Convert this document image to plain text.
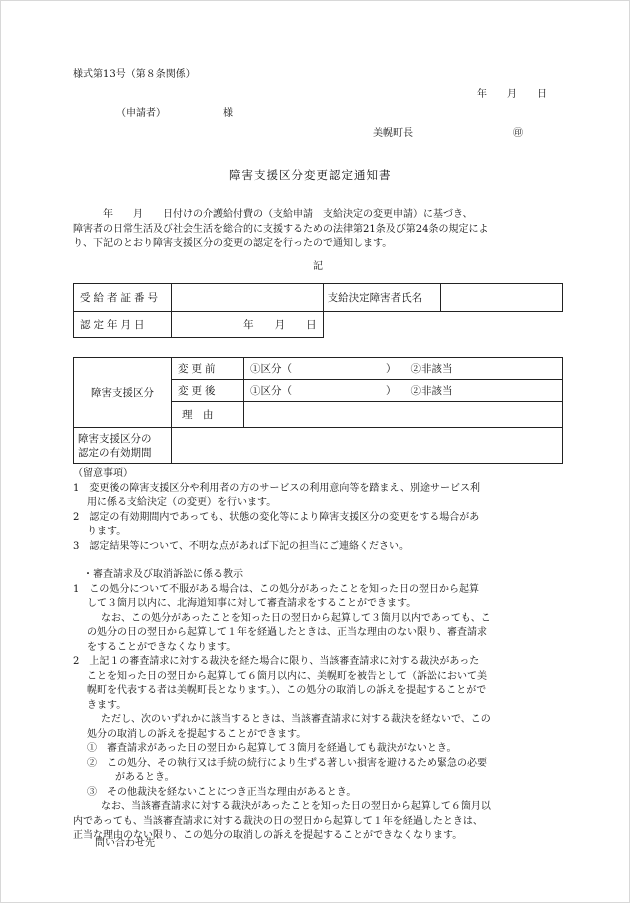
様式第13号（第８条関係）
年　　月　　日
（申請者）	様
美幌町長	㊞
障害支援区分変更認定通知書

　　　年　　月　　日付けの介護給付費の（支給申請　支給決定の変更申請）に基づき、

障害者の日常生活及び社会生活を総合的に支援するための法律第21条及び第24条の規定によ

り、下記のとおり障害支援区分の変更の認定を行ったので通知します。

記
受給者証番号		支給決定障害者氏名	
認定年月日	年　　月　　日		
障害支援区分	変更前	①区分（ ） ②非該当
	変更後	①区分（ ） ②非該当
	理　由	

障害支援区分の
認定の有効期間		

（留意事項）

1　変更後の障害支援区分や利用者の方のサービスの利用意向等を踏まえ、別途サービス利

用に係る支給決定（の変更）を行います。

2　認定の有効期間内であっても、状態の変化等により障害支援区分の変更をする場合があ

ります。

3　認定結果等について、不明な点があれば下記の担当にご連絡ください。

・審査請求及び取消訴訟に係る教示

1　この処分について不服がある場合は、この処分があったことを知った日の翌日から起算

して３箇月以内に、北海道知事に対して審査請求をすることができます。

なお、この処分があったことを知った日の翌日から起算して３箇月以内であっても、こ

の処分の日の翌日から起算して１年を経過したときは、正当な理由のない限り、審査請求

をすることができなくなります。

2　上記１の審査請求に対する裁決を経た場合に限り、当該審査請求に対する裁決があった

ことを知った日の翌日から起算して６箇月以内に、美幌町を被告として（訴訟において美

幌町を代表する者は美幌町長となります。）、この処分の取消しの訴えを提起することがで

きます。

ただし、次のいずれかに該当するときは、当該審査請求に対する裁決を経ないで、この

処分の取消しの訴えを提起することができます。

①　審査請求があった日の翌日から起算して３箇月を経過しても裁決がないとき。

②　この処分、その執行又は手続の続行により生ずる著しい損害を避けるため緊急の必要

があるとき。

③　その他裁決を経ないことにつき正当な理由があるとき。

なお、当該審査請求に対する裁決があったことを知った日の翌日から起算して６箇月以

内であっても、当該審査請求に対する裁決の日の翌日から起算して１年を経過したときは、

正当な理由のない限り、この処分の取消しの訴えを提起することができなくなります。

問い合わせ先
